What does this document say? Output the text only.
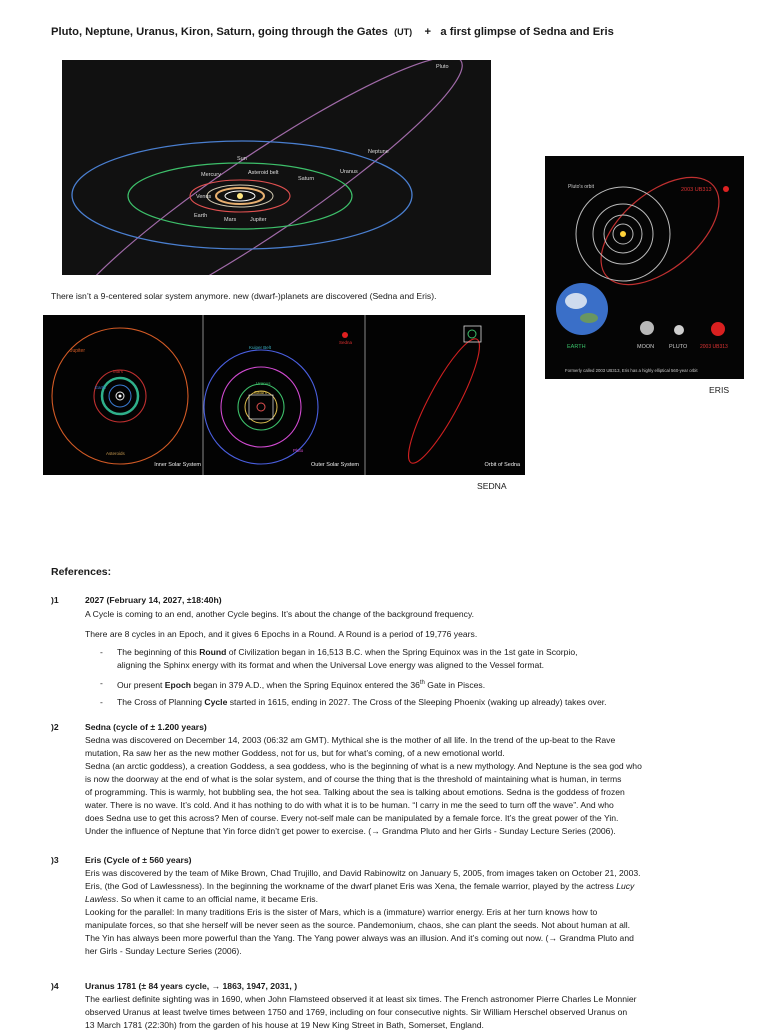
Pluto, Neptune, Uranus, Kiron, Saturn, going through the Gates (UT) + a first glimpse of Sedna and Eris
Pluto
Neptune
Uranus
Sun
Mercury	Asteroid belt
Saturn
Venus
Earth
Mars	Jupiter
There isn’t a 9-centered solar system anymore. new (dwarf-)planets are discovered (Sedna and Eris).
Pluto's orbit	2003 UB313
EARTH	MOON	PLUTO	2003 UB313
Formerly called 2003 UB313, Eris has a highly elliptical 560-year orbit
ERIS
Jupiter
Mars
Earth
Asteroids
Inner Solar System
Kuiper Belt
Sedna
Uranus
Saturn
Pluto
Outer Solar System	Orbit of Sedna
SEDNA
References:
)1	2027 (February 14, 2027, ±18:40h)
A Cycle is coming to an end, another Cycle begins. It’s about the change of the background frequency.
There are 8 cycles in an Epoch, and it gives 6 Epochs in a Round. A Round is a period of 19,776 years.
- The beginning of this Round of Civilization began in 16,513 B.C. when the Spring Equinox was in the 1st gate in Scorpio,
aligning the Sphinx energy with its format and when the Universal Love energy was aligned to the Vessel format.
- Our present Epoch began in 379 A.D., when the Spring Equinox entered the 36th Gate in Pisces.
- The Cross of Planning Cycle started in 1615, ending in 2027. The Cross of the Sleeping Phoenix (waking up already) takes over.
)2	Sedna (cycle of ± 1.200 years)
Sedna was discovered on December 14, 2003 (06:32 am GMT). Mythical she is the mother of all life. In the trend of the up-beat to the Rave
mutation, Ra saw her as the new mother Goddess, not for us, but for what’s coming, of a new emotional world.
Sedna (an arctic goddess), a creation Goddess, a sea goddess, who is the beginning of what is a new mythology. And Neptune is the sea god who
is now the doorway at the end of what is the solar system, and of course the thing that is the threshold of maintaining what is human, in terms
of programming. This is warmly, hot bubbling sea, the hot sea. Talking about the sea is talking about emotions. Sedna is the goddess of frozen
water. There is no wave. It’s cold. And it has nothing to do with what it is to be human. “I carry in me the seed to turn off the wave”. And who
does Sedna use to get this across? Men of course. Every not-self male can be manipulated by a female force. It’s the great power of the Yin.
Under the influence of Neptune that Yin force didn’t get power to exercise. (→ Grandma Pluto and her Girls - Sunday Lecture Series (2006).
)3	Eris (Cycle of ± 560 years)
Eris was discovered by the team of Mike Brown, Chad Trujillo, and David Rabinowitz on January 5, 2005, from images taken on October 21, 2003.
Eris, (the God of Lawlessness). In the beginning the workname of the dwarf planet Eris was Xena, the female warrior, played by the actress Lucy
Lawless. So when it came to an official name, it became Eris.
Looking for the parallel: In many traditions Eris is the sister of Mars, which is a (immature) warrior energy. Eris at her turn knows how to
manipulate forces, so that she herself will be never seen as the source. Pandemonium, chaos, she can plant the seeds. Not about human at all.
The Yin has always been more powerful than the Yang. The Yang power always was an illusion. And it’s coming out now. (→ Grandma Pluto and
her Girls - Sunday Lecture Series (2006).
)4	Uranus 1781 (± 84 years cycle, → 1863, 1947, 2031, )
The earliest definite sighting was in 1690, when John Flamsteed observed it at least six times. The French astronomer Pierre Charles Le Monnier
observed Uranus at least twelve times between 1750 and 1769, including on four consecutive nights. Sir William Herschel observed Uranus on
13 March 1781 (22:30h) from the garden of his house at 19 New King Street in Bath, Somerset, England.
